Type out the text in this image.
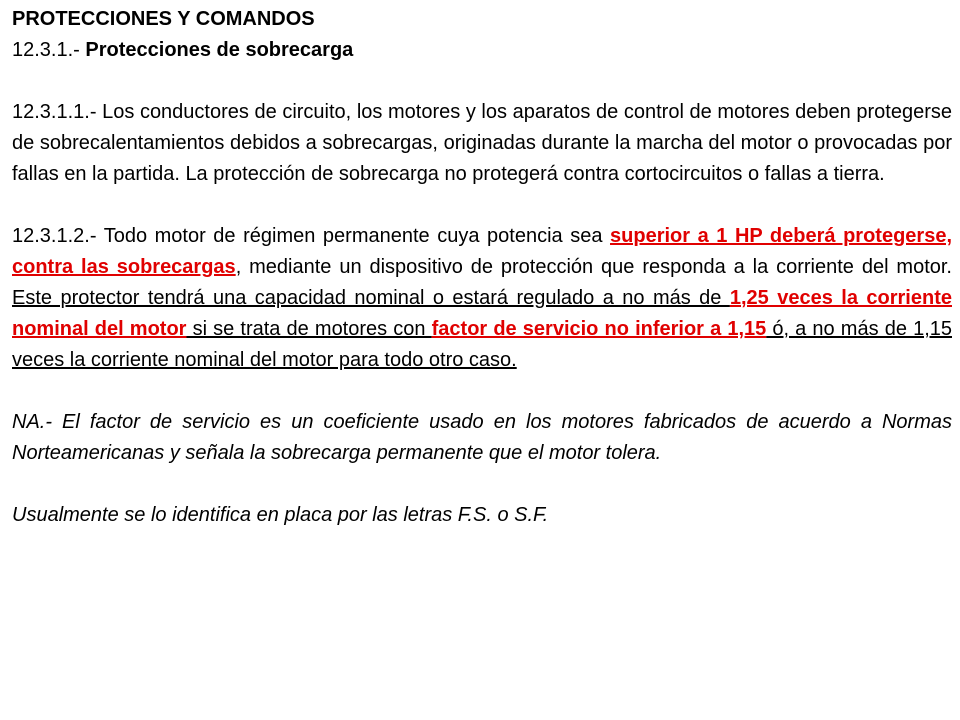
PROTECCIONES Y COMANDOS
12.3.1.- Protecciones de sobrecarga

12.3.1.1.- Los conductores de circuito, los motores y los aparatos de control de motores deben protegerse de sobrecalentamientos debidos a sobrecargas, originadas durante la marcha del motor o provocadas por fallas en la partida. La protección de sobrecarga no protegerá contra cortocircuitos o fallas a tierra.

12.3.1.2.- Todo motor de régimen permanente cuya potencia sea superior a 1 HP deberá protegerse, contra las sobrecargas, mediante un dispositivo de protección que responda a la corriente del motor. Este protector tendrá una capacidad nominal o estará regulado a no más de 1,25 veces la corriente nominal del motor si se trata de motores con factor de servicio no inferior a 1,15 ó, a no más de 1,15 veces la corriente nominal del motor para todo otro caso.

NA.- El factor de servicio es un coeficiente usado en los motores fabricados de acuerdo a Normas Norteamericanas y señala la sobrecarga permanente que el motor tolera.

Usualmente se lo identifica en placa por las letras F.S. o S.F.
